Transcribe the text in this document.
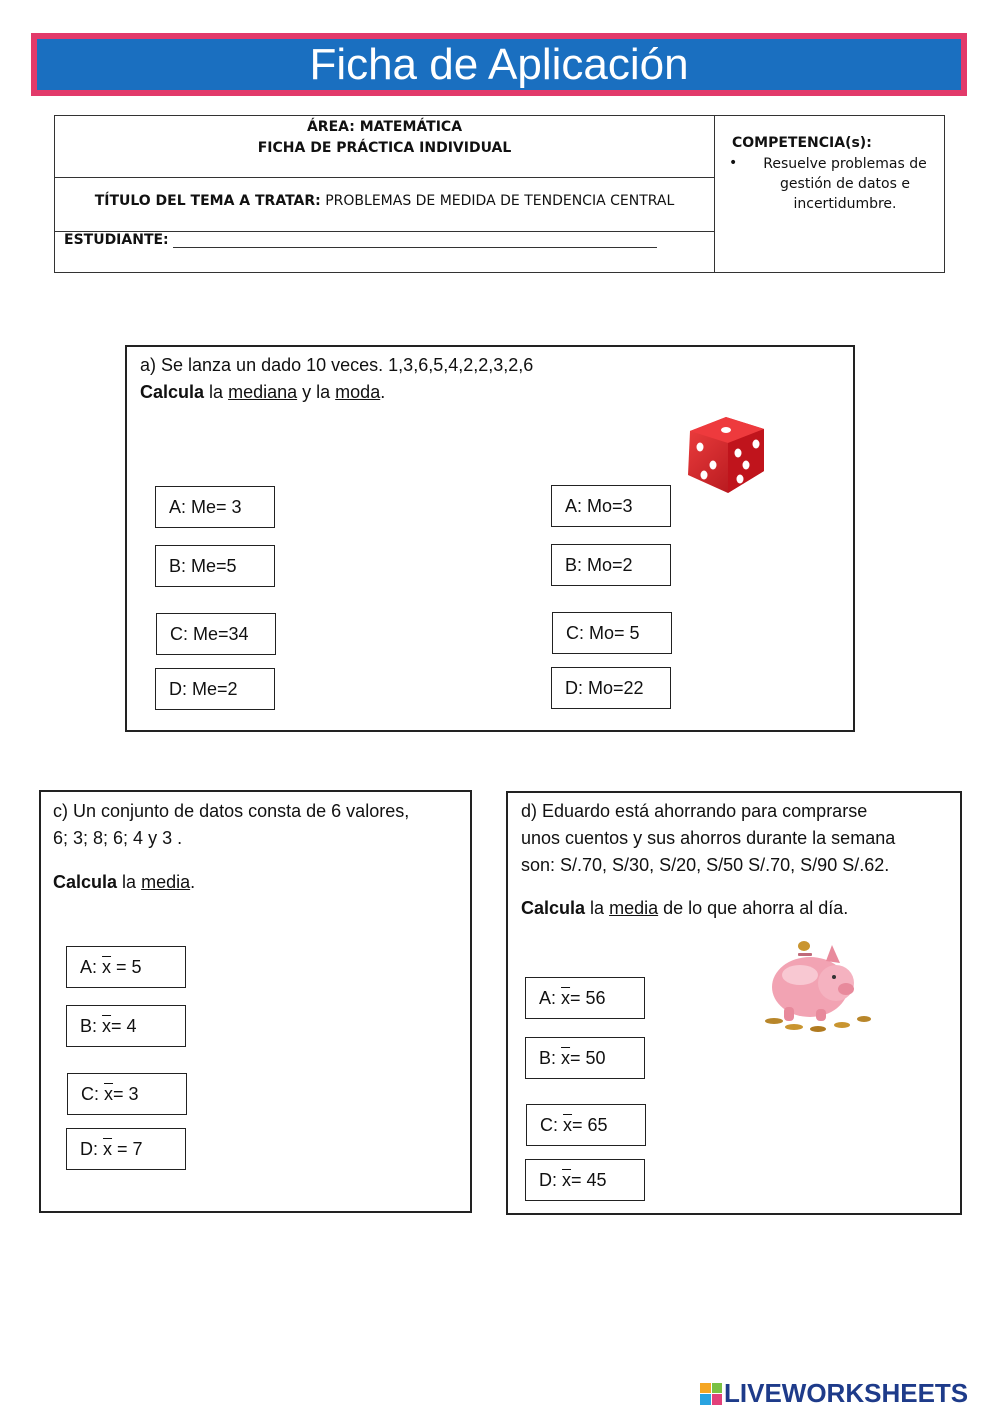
Ficha de Aplicación
ÁREA: MATEMÁTICA
FICHA DE PRÁCTICA INDIVIDUAL
TÍTULO DEL TEMA A TRATAR: PROBLEMAS DE MEDIDA DE TENDENCIA CENTRAL
ESTUDIANTE:
COMPETENCIA(s):
•	Resuelve problemas de gestión de datos e incertidumbre.
a) Se lanza un dado 10 veces. 1,3,6,5,4,2,2,3,2,6
Calcula la mediana y la moda.
A: Me= 3
B: Me=5
C: Me=34
D: Me=2
A: Mo=3
B: Mo=2
C: Mo= 5
D: Mo=22
c) Un conjunto de datos consta de 6 valores,
6; 3; 8; 6; 4 y 3 .
Calcula la media.
A:
$\overline{x}$
= 5
B:
$\overline{x} = 4$
C:
$\overline{x} = 3$
D:
$\overline{x}$
= 7
d) Eduardo está ahorrando para comprarse
unos cuentos y sus ahorros durante la semana
son: S/.70, S/30, S/20, S/50 S/.70, S/90 S/.62.
Calcula la media de lo que ahorra al día.
A:
$\overline{x} = 56$
B:
$\overline{x} = 50$
C:
$\overline{x} = 65$
D:
$\overline{x} = 45$
LIVEWORKSHEETS
